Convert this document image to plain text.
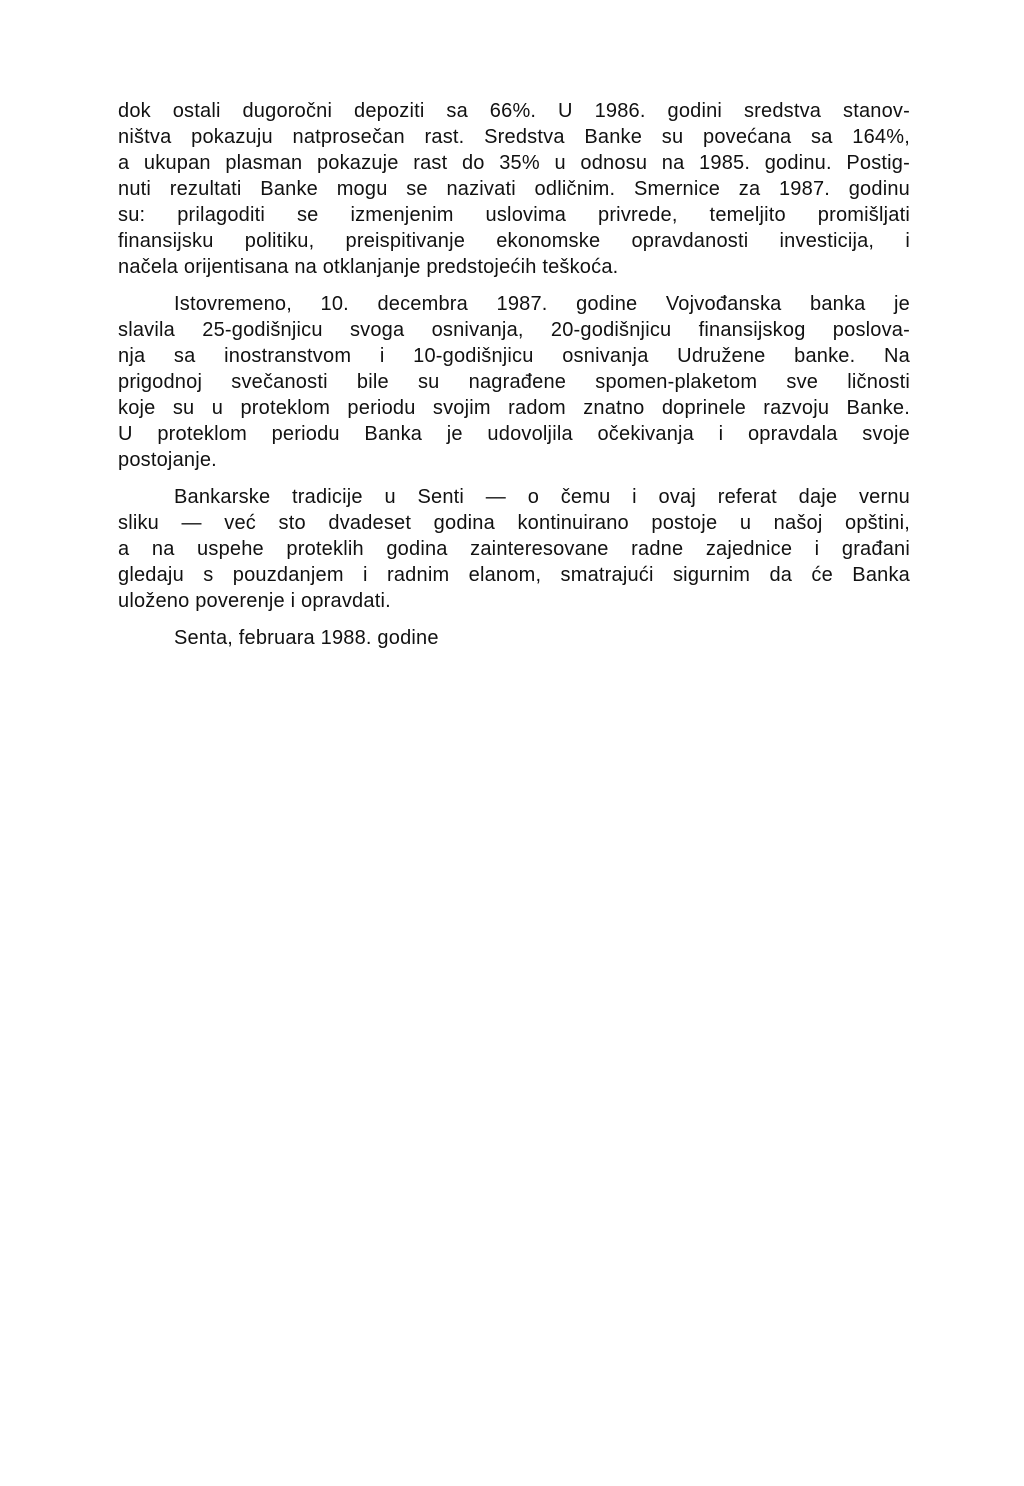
dok ostali dugoročni depoziti sa 66%. U 1986. godini sredstva stanov-
ništva pokazuju natprosečan rast. Sredstva Banke su povećana sa 164%,
a ukupan plasman pokazuje rast do 35% u odnosu na 1985. godinu. Postig-
nuti rezultati Banke mogu se nazivati odličnim. Smernice za 1987. godinu
su: prilagoditi se izmenjenim uslovima privrede, temeljito promišljati
finansijsku politiku, preispitivanje ekonomske opravdanosti investicija, i
načela orijentisana na otklanjanje predstojećih teškoća.

Istovremeno, 10. decembra 1987. godine Vojvođanska banka je
slavila 25-godišnjicu svoga osnivanja, 20-godišnjicu finansijskog poslova-
nja sa inostranstvom i 10-godišnjicu osnivanja Udružene banke. Na
prigodnoj svečanosti bile su nagrađene spomen-plaketom sve ličnosti
koje su u proteklom periodu svojim radom znatno doprinele razvoju Banke.
U proteklom periodu Banka je udovoljila očekivanja i opravdala svoje
postojanje.

Bankarske tradicije u Senti — o čemu i ovaj referat daje vernu
sliku — već sto dvadeset godina kontinuirano postoje u našoj opštini,
a na uspehe proteklih godina zainteresovane radne zajednice i građani
gledaju s pouzdanjem i radnim elanom, smatrajući sigurnim da će Banka
uloženo poverenje i opravdati.

Senta, februara 1988. godine
